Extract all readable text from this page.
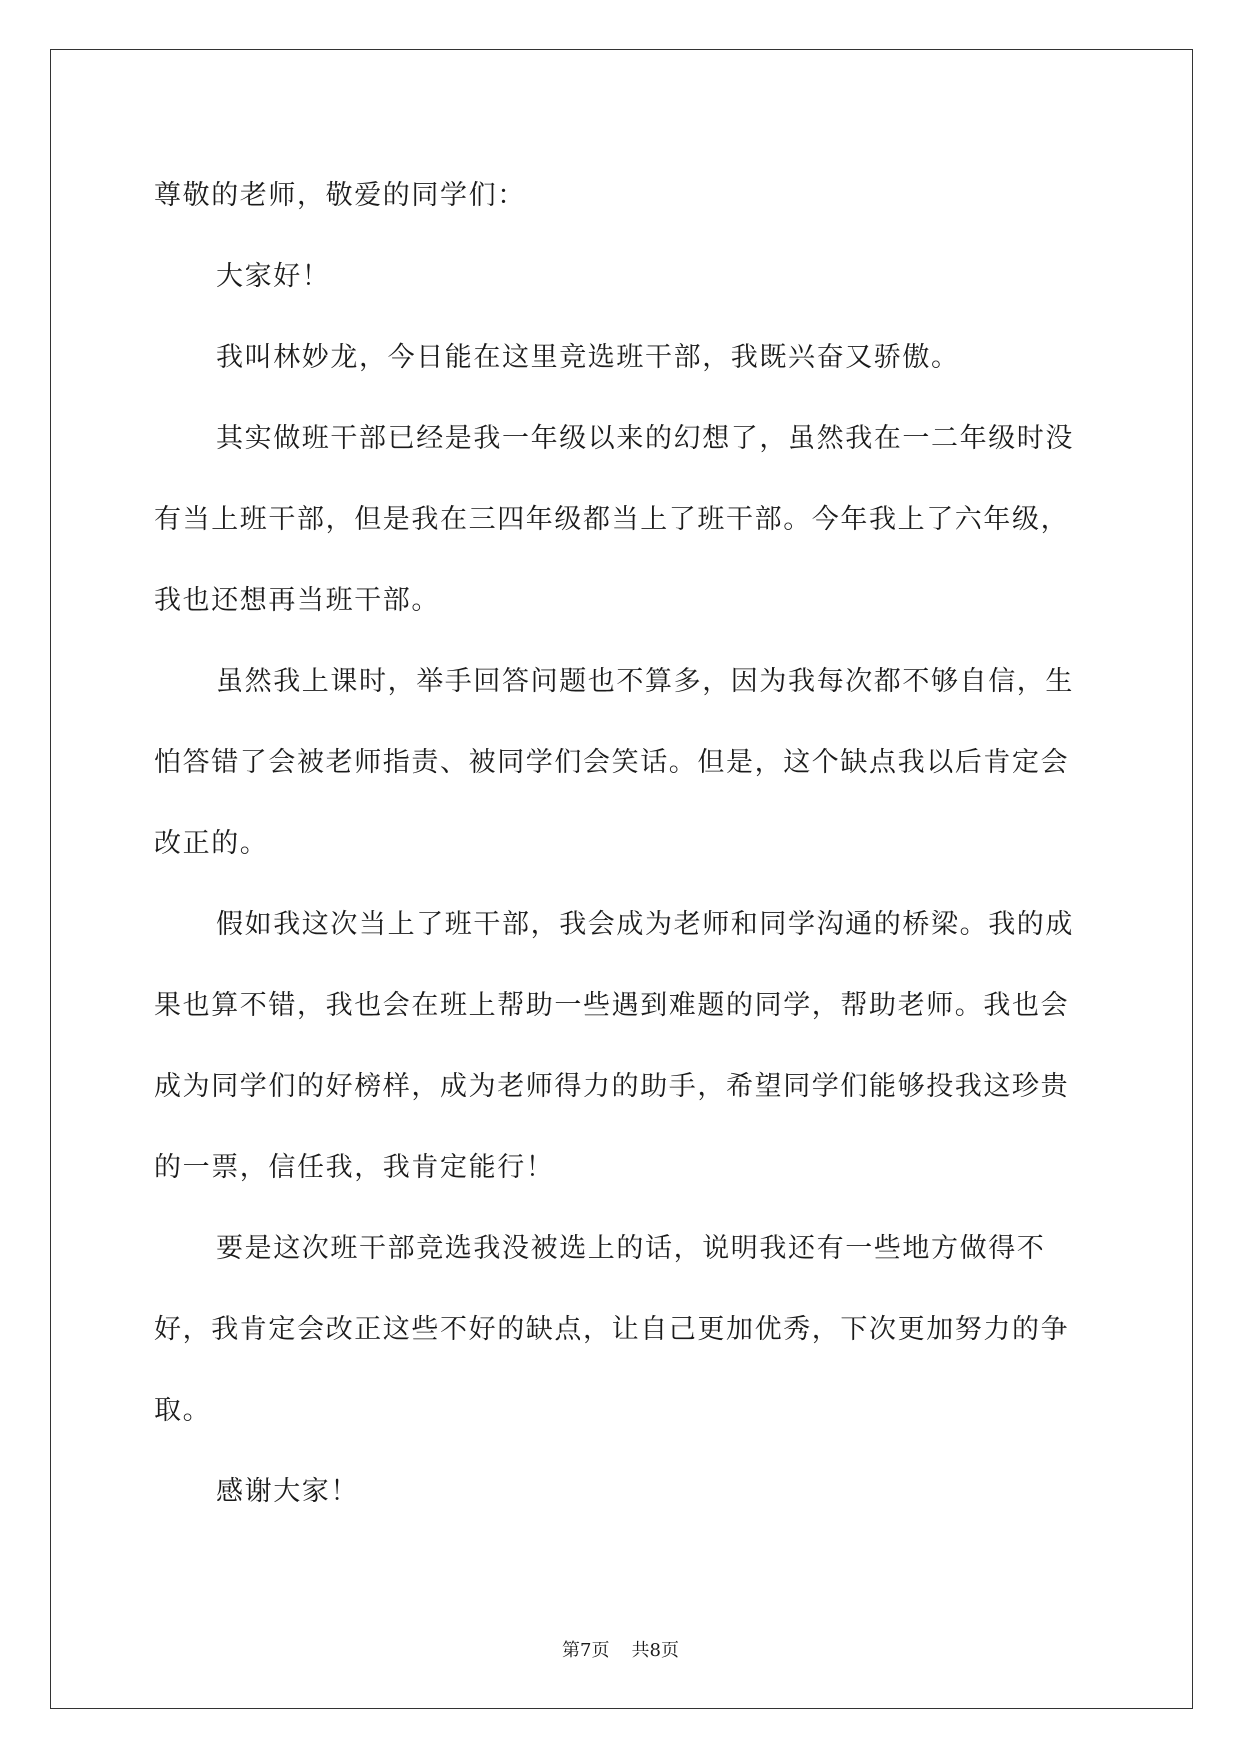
尊敬的老师，敬爱的同学们：

大家好！

我叫林妙龙，今日能在这里竞选班干部，我既兴奋又骄傲。

其实做班干部已经是我一年级以来的幻想了，虽然我在一二年级时没有当上班干部，但是我在三四年级都当上了班干部。今年我上了六年级，我也还想再当班干部。

虽然我上课时，举手回答问题也不算多，因为我每次都不够自信，生怕答错了会被老师指责、被同学们会笑话。但是，这个缺点我以后肯定会改正的。

假如我这次当上了班干部，我会成为老师和同学沟通的桥梁。我的成果也算不错，我也会在班上帮助一些遇到难题的同学，帮助老师。我也会成为同学们的好榜样，成为老师得力的助手，希望同学们能够投我这珍贵的一票，信任我，我肯定能行！

要是这次班干部竞选我没被选上的话，说明我还有一些地方做得不好，我肯定会改正这些不好的缺点，让自己更加优秀，下次更加努力的争取。

感谢大家！

第7页 共8页
